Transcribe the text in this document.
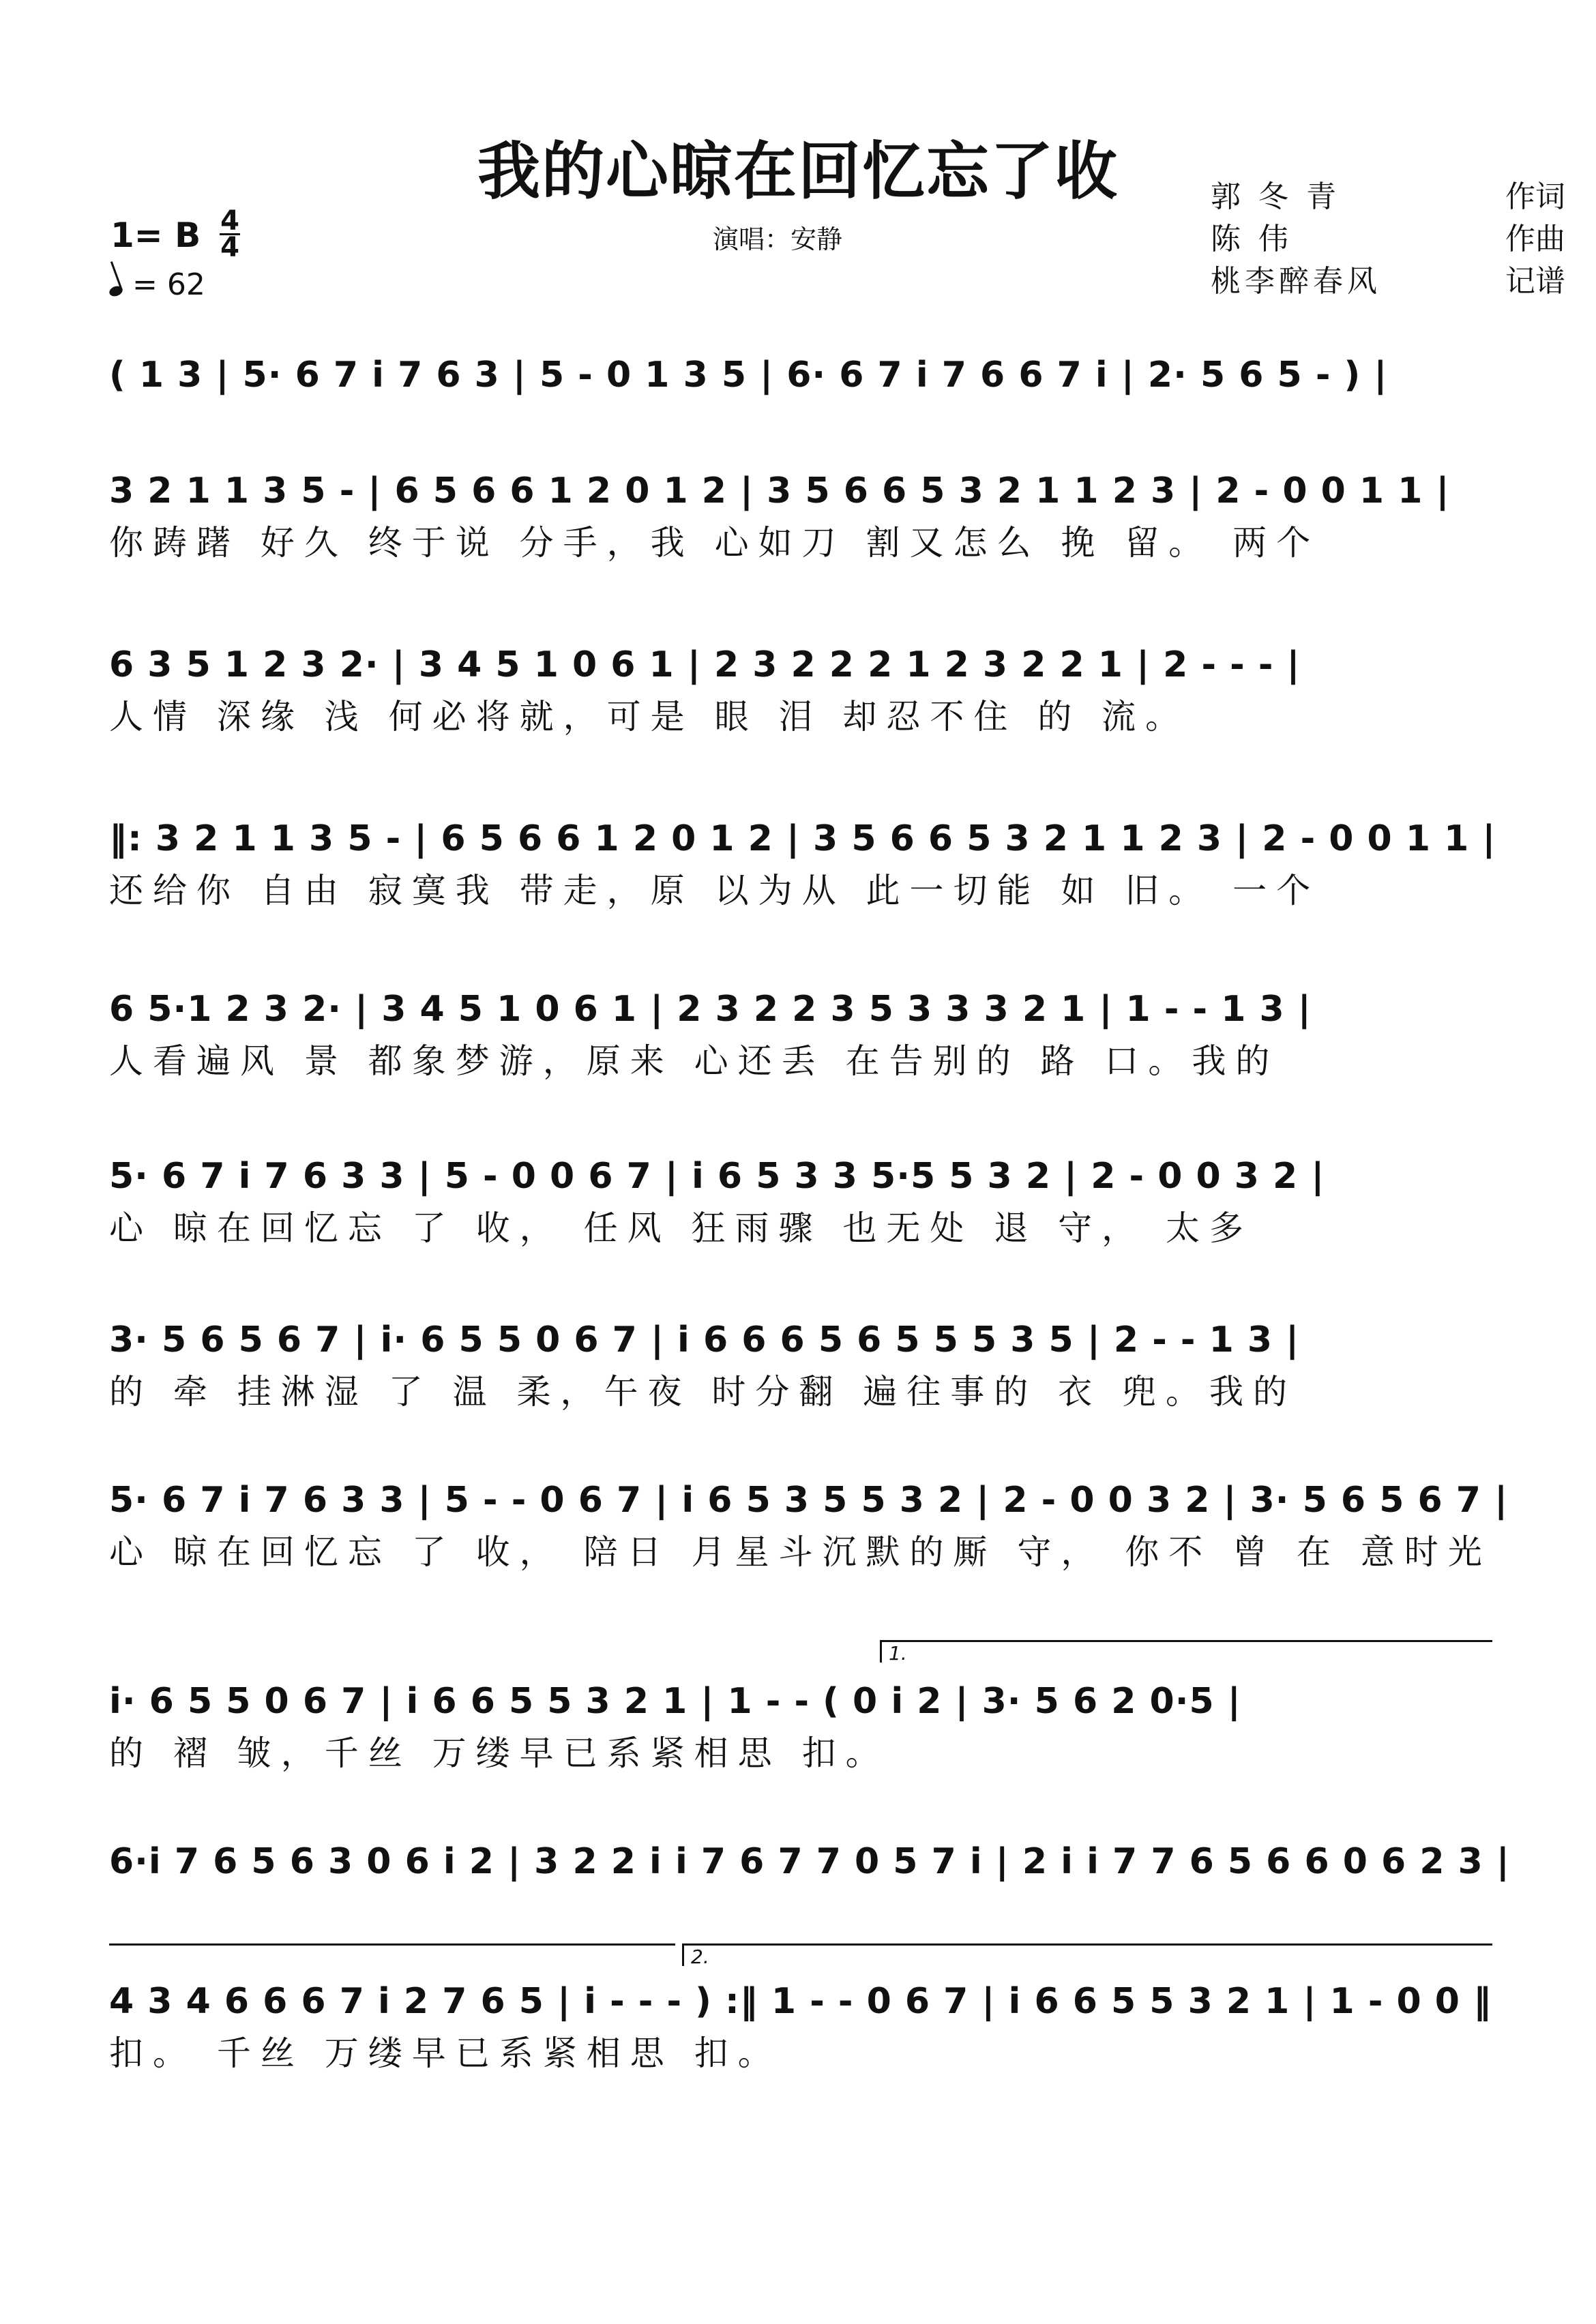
我的心晾在回忆忘了收
演唱：安静
郭 冬 青	作词
陈 伟	作曲
桃李醉春风	记谱
1= B 4
4
= 62
( 1 3 | 5· 6 7 i 7 6 3 | 5 - 0 1 3 5 | 6· 6 7 i 7 6 6 7 i | 2· 5 6 5 - ) |
3 2 1 1 3 5 - | 6 5 6 6 1 2 0 1 2 | 3 5 6 6 5 3 2 1 1 2 3 | 2 - 0 0 1 1 |
你踌躇 好久 终于说 分手，我 心如刀 割又怎么 挽 留。 两个
6 3 5 1 2 3 2· | 3 4 5 1 0 6 1 | 2 3 2 2 2 1 2 3 2 2 1 | 2 - - - |
人情 深缘 浅 何必将就，可是 眼 泪 却忍不住 的 流。
‖: 3 2 1 1 3 5 - | 6 5 6 6 1 2 0 1 2 | 3 5 6 6 5 3 2 1 1 2 3 | 2 - 0 0 1 1 |
还给你 自由 寂寞我 带走，原 以为从 此一切能 如 旧。 一个
6 5·1 2 3 2· | 3 4 5 1 0 6 1 | 2 3 2 2 3 5 3 3 3 2 1 | 1 - - 1 3 |
人看遍风 景 都象梦游，原来 心还丢 在告别的 路 口。我的
5· 6 7 i 7 6 3 3 | 5 - 0 0 6 7 | i 6 5 3 3 5·5 5 3 2 | 2 - 0 0 3 2 |
心 晾在回忆忘 了 收， 任风 狂雨骤 也无处 退 守， 太多
3· 5 6 5 6 7 | i· 6 5 5 0 6 7 | i 6 6 6 5 6 5 5 5 3 5 | 2 - - 1 3 |
的 牵 挂淋湿 了 温 柔，午夜 时分翻 遍往事的 衣 兜。我的
5· 6 7 i 7 6 3 3 | 5 - - 0 6 7 | i 6 5 3 5 5 3 2 | 2 - 0 0 3 2 | 3· 5 6 5 6 7 |
心 晾在回忆忘 了 收， 陪日 月星斗沉默的厮 守， 你不 曾 在 意时光
1.
i· 6 5 5 0 6 7 | i 6 6 5 5 3 2 1 | 1 - - ( 0 i 2 | 3· 5 6 2 0·5 |
的 褶 皱，千丝 万缕早已系紧相思 扣。
6·i 7 6 5 6 3 0 6 i 2 | 3 2 2 i i 7 6 7 7 0 5 7 i | 2 i i 7 7 6 5 6 6 0 6 2 3 |
2.
4 3 4 6 6 6 7 i 2 7 6 5 | i - - - ) :‖ 1 - - 0 6 7 | i 6 6 5 5 3 2 1 | 1 - 0 0 ‖
扣。 千丝 万缕早已系紧相思 扣。
